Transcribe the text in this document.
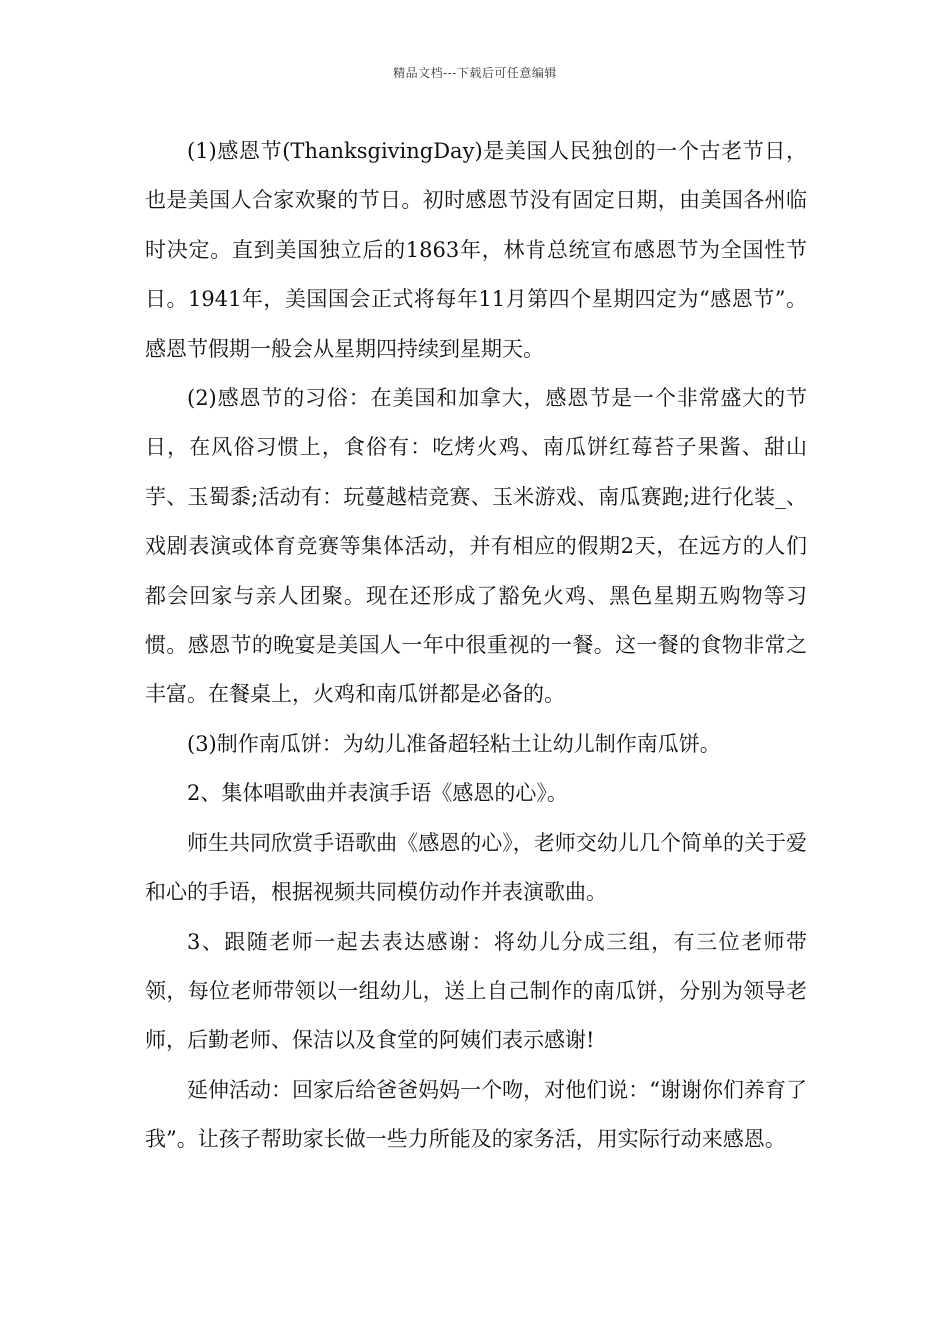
精品文档---下载后可任意编辑

(1)感恩节(ThanksgivingDay)是美国人民独创的一个古老节日，也是美国人合家欢聚的节日。初时感恩节没有固定日期，由美国各州临时决定。直到美国独立后的1863年，林肯总统宣布感恩节为全国性节日。1941年，美国国会正式将每年11月第四个星期四定为“感恩节”。感恩节假期一般会从星期四持续到星期天。

(2)感恩节的习俗：在美国和加拿大，感恩节是一个非常盛大的节日，在风俗习惯上，食俗有：吃烤火鸡、南瓜饼红莓苔子果酱、甜山芋、玉蜀黍;活动有：玩蔓越桔竞赛、玉米游戏、南瓜赛跑;进行化装_、戏剧表演或体育竞赛等集体活动，并有相应的假期2天，在远方的人们都会回家与亲人团聚。现在还形成了豁免火鸡、黑色星期五购物等习惯。感恩节的晚宴是美国人一年中很重视的一餐。这一餐的食物非常之丰富。在餐桌上，火鸡和南瓜饼都是必备的。

(3)制作南瓜饼：为幼儿准备超轻粘土让幼儿制作南瓜饼。

2、集体唱歌曲并表演手语《感恩的心》。

师生共同欣赏手语歌曲《感恩的心》，老师交幼儿几个简单的关于爱和心的手语，根据视频共同模仿动作并表演歌曲。

3、跟随老师一起去表达感谢：将幼儿分成三组，有三位老师带领，每位老师带领以一组幼儿，送上自己制作的南瓜饼，分别为领导老师，后勤老师、保洁以及食堂的阿姨们表示感谢!

延伸活动：回家后给爸爸妈妈一个吻，对他们说：“谢谢你们养育了我”。让孩子帮助家长做一些力所能及的家务活，用实际行动来感恩。
